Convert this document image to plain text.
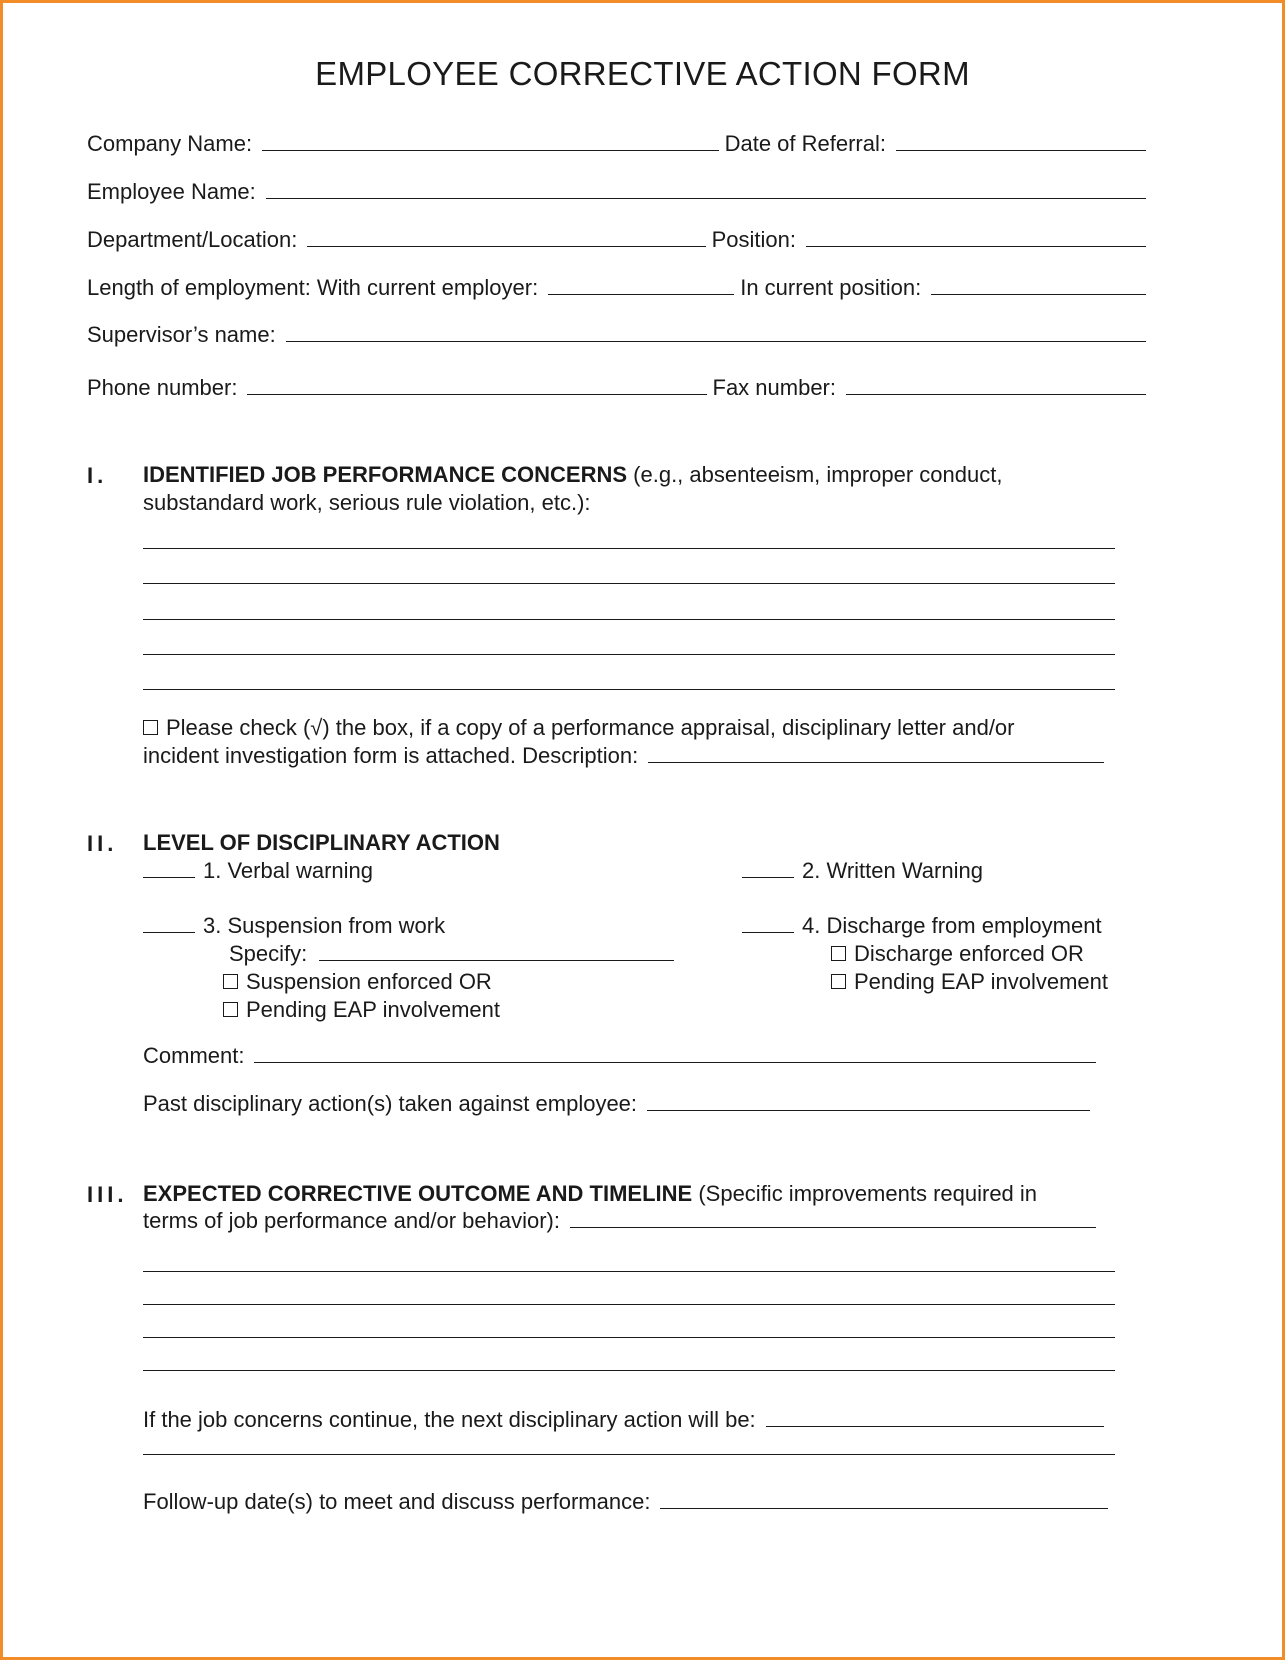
EMPLOYEE CORRECTIVE ACTION FORM
Company Name:	Date of Referral:
Employee Name:
Department/Location:	Position:
Length of employment: With current employer:	In current position:
Supervisor’s name:
Phone number:	Fax number:
I. IDENTIFIED JOB PERFORMANCE CONCERNS (e.g., absenteeism, improper conduct,
substandard work, serious rule violation, etc.):
Please check (√) the box, if a copy of a performance appraisal, disciplinary letter and/or
incident investigation form is attached. Description:
II. LEVEL OF DISCIPLINARY ACTION
1. Verbal warning	2. Written Warning
3. Suspension from work
Specify:
Suspension enforced OR
Pending EAP involvement
4. Discharge from employment
Discharge enforced OR
Pending EAP involvement
Comment:
Past disciplinary action(s) taken against employee:
III. EXPECTED CORRECTIVE OUTCOME AND TIMELINE (Specific improvements required in
terms of job performance and/or behavior):
If the job concerns continue, the next disciplinary action will be:
Follow-up date(s) to meet and discuss performance:
